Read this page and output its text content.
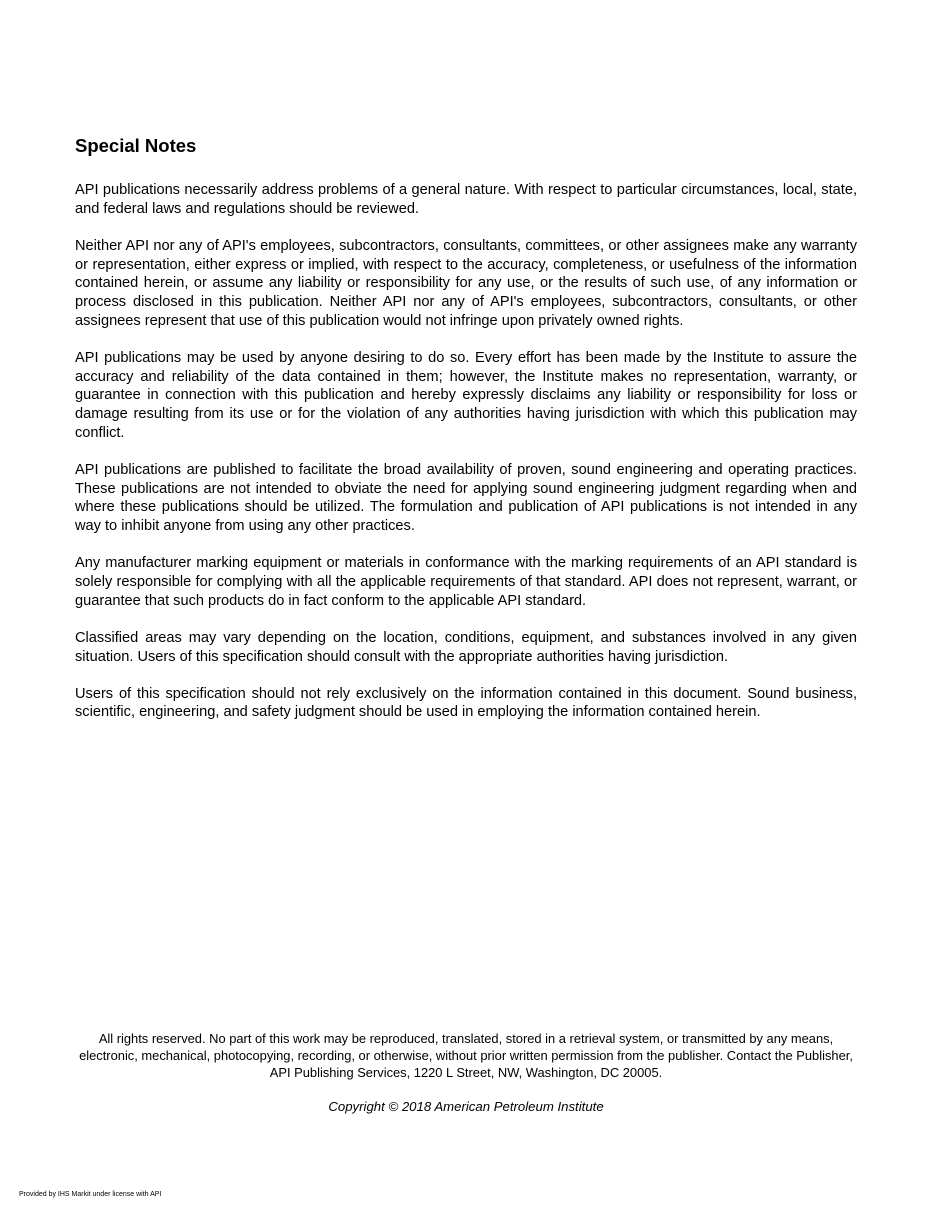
Special Notes

API publications necessarily address problems of a general nature. With respect to particular circumstances, local, state, and federal laws and regulations should be reviewed.

Neither API nor any of API's employees, subcontractors, consultants, committees, or other assignees make any warranty or representation, either express or implied, with respect to the accuracy, completeness, or usefulness of the information contained herein, or assume any liability or responsibility for any use, or the results of such use, of any information or process disclosed in this publication. Neither API nor any of API's employees, subcontractors, consultants, or other assignees represent that use of this publication would not infringe upon privately owned rights.

API publications may be used by anyone desiring to do so. Every effort has been made by the Institute to assure the accuracy and reliability of the data contained in them; however, the Institute makes no representation, warranty, or guarantee in connection with this publication and hereby expressly disclaims any liability or responsibility for loss or damage resulting from its use or for the violation of any authorities having jurisdiction with which this publication may conflict.

API publications are published to facilitate the broad availability of proven, sound engineering and operating practices. These publications are not intended to obviate the need for applying sound engineering judgment regarding when and where these publications should be utilized. The formulation and publication of API publications is not intended in any way to inhibit anyone from using any other practices.

Any manufacturer marking equipment or materials in conformance with the marking requirements of an API standard is solely responsible for complying with all the applicable requirements of that standard. API does not represent, warrant, or guarantee that such products do in fact conform to the applicable API standard.

Classified areas may vary depending on the location, conditions, equipment, and substances involved in any given situation. Users of this specification should consult with the appropriate authorities having jurisdiction.

Users of this specification should not rely exclusively on the information contained in this document. Sound business, scientific, engineering, and safety judgment should be used in employing the information contained herein.

All rights reserved. No part of this work may be reproduced, translated, stored in a retrieval system, or transmitted by any means, electronic, mechanical, photocopying, recording, or otherwise, without prior written permission from the publisher. Contact the Publisher, API Publishing Services, 1220 L Street, NW, Washington, DC 20005.

Copyright © 2018 American Petroleum Institute

Provided by IHS Markit under license with API
